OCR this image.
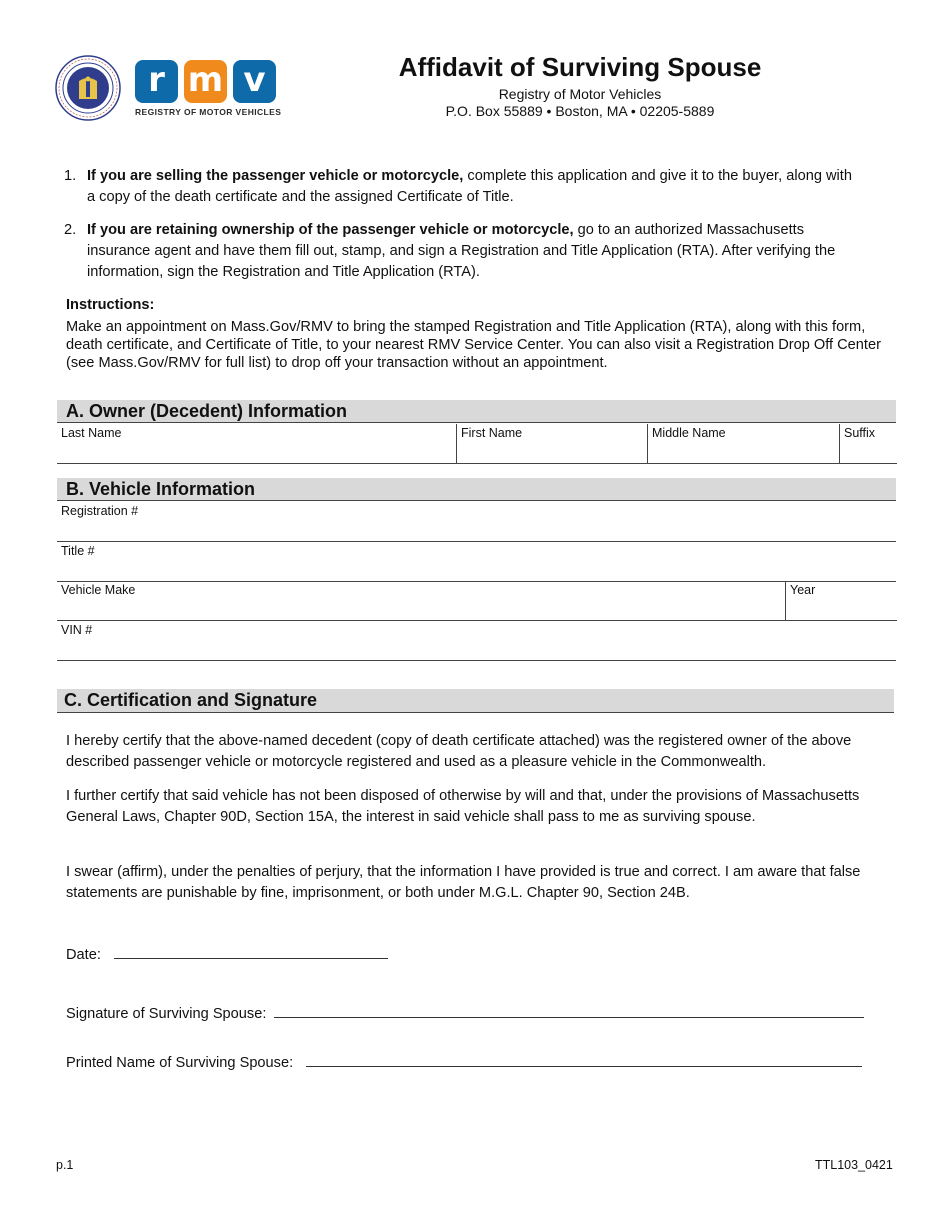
r m v
REGISTRY OF MOTOR VEHICLES
Affidavit of Surviving Spouse
Registry of Motor Vehicles
P.O. Box 55889 • Boston, MA • 02205-5889
1. If you are selling the passenger vehicle or motorcycle, complete this application and give it to the buyer, along with a copy of the death certificate and the assigned Certificate of Title.
2. If you are retaining ownership of the passenger vehicle or motorcycle, go to an authorized Massachusetts insurance agent and have them fill out, stamp, and sign a Registration and Title Application (RTA). After verifying the information, sign the Registration and Title Application (RTA).
Instructions:
Make an appointment on Mass.Gov/RMV to bring the stamped Registration and Title Application (RTA), along with this form, death certificate, and Certificate of Title, to your nearest RMV Service Center. You can also visit a Registration Drop Off Center (see Mass.Gov/RMV for full list) to drop off your transaction without an appointment.
A. Owner (Decedent) Information
Last Name	First Name	Middle Name	Suffix
B. Vehicle Information
Registration #
Title #
Vehicle Make	Year
VIN #
C. Certification and Signature
I hereby certify that the above-named decedent (copy of death certificate attached) was the registered owner of the above described passenger vehicle or motorcycle registered and used as a pleasure vehicle in the Commonwealth.
I further certify that said vehicle has not been disposed of otherwise by will and that, under the provisions of Massachusetts General Laws, Chapter 90D, Section 15A, the interest in said vehicle shall pass to me as surviving spouse.
I swear (affirm), under the penalties of perjury, that the information I have provided is true and correct. I am aware that false statements are punishable by fine, imprisonment, or both under M.G.L. Chapter 90, Section 24B.
Date:
Signature of Surviving Spouse:
Printed Name of Surviving Spouse:
p.1	TTL103_0421
